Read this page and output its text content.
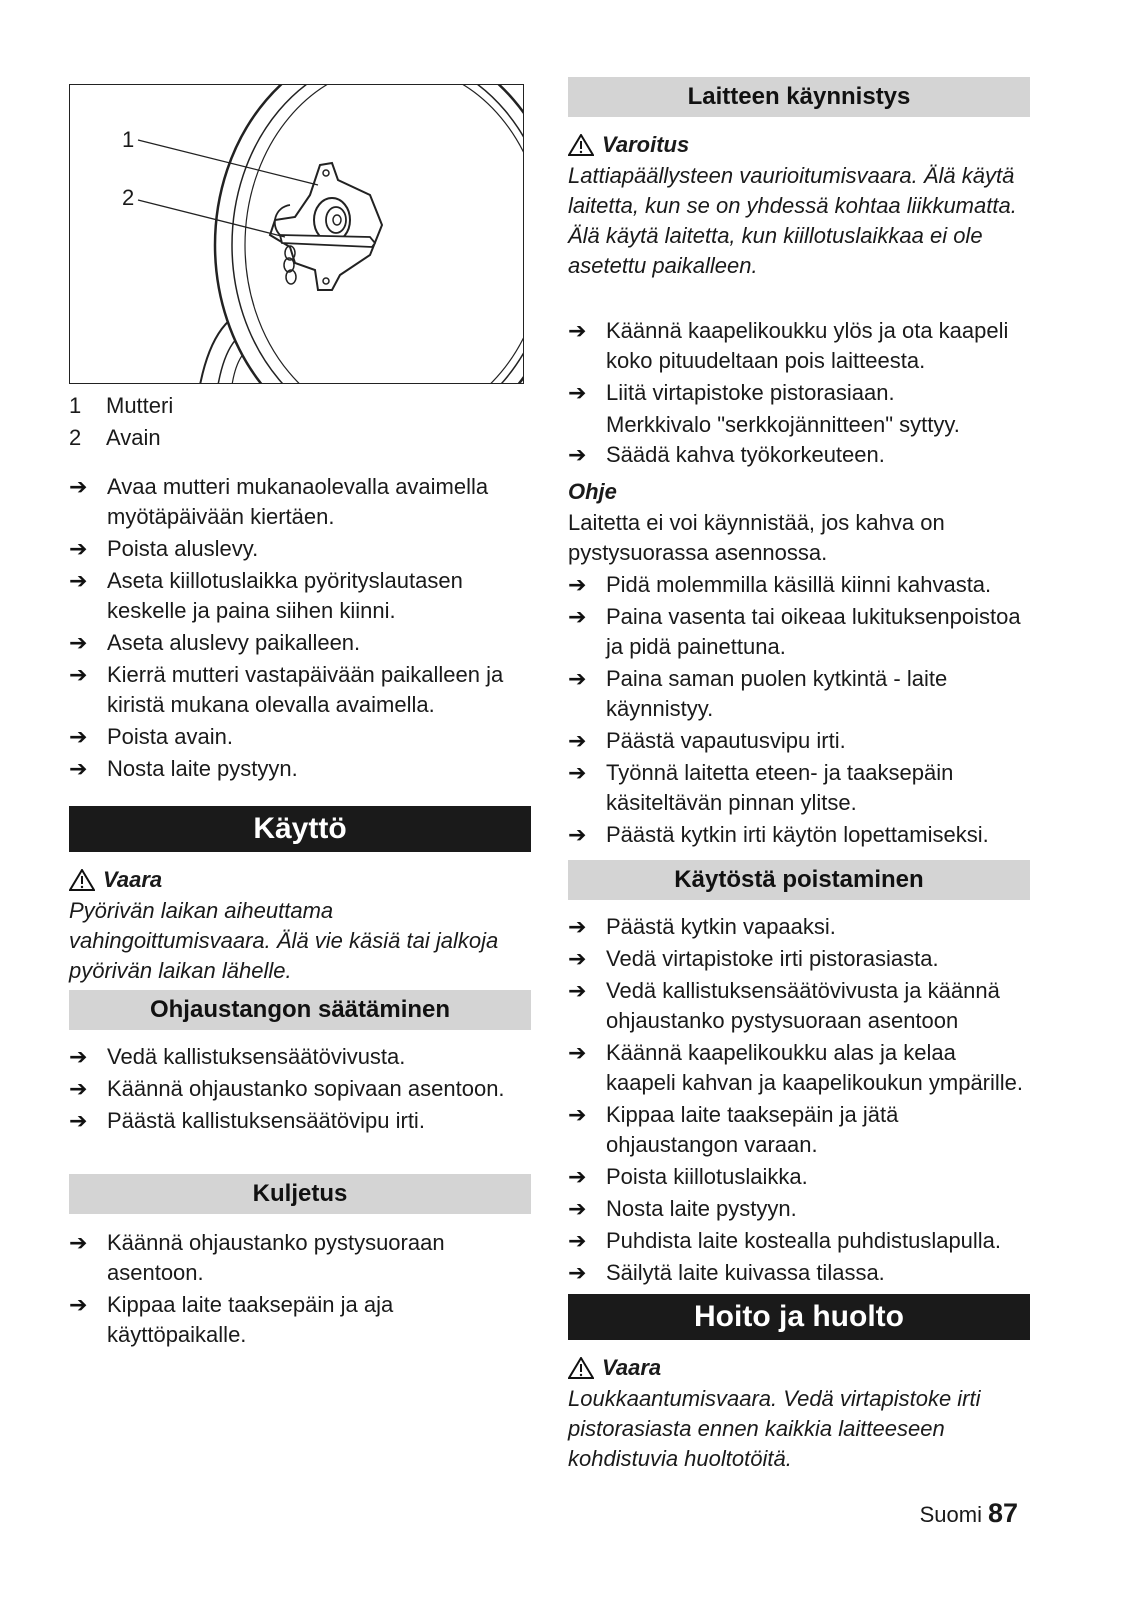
1
2
1 Mutteri
2 Avain
➔ Avaa mutteri mukanaolevalla avaimella myötäpäivään kiertäen.
➔ Poista aluslevy.
➔ Aseta kiillotuslaikka pyörityslautasen keskelle ja paina siihen kiinni.
➔ Aseta aluslevy paikalleen.
➔ Kierrä mutteri vastapäivään paikalleen ja kiristä mukana olevalla avaimella.
➔ Poista avain.
➔ Nosta laite pystyyn.
Käyttö
Vaara
Pyörivän laikan aiheuttama vahingoittumisvaara. Älä vie käsiä tai jalkoja pyörivän laikan lähelle.
Ohjaustangon säätäminen
➔ Vedä kallistuksensäätövivusta.
➔ Käännä ohjaustanko sopivaan asentoon.
➔ Päästä kallistuksensäätövipu irti.
Kuljetus
➔ Käännä ohjaustanko pystysuoraan asentoon.
➔ Kippaa laite taaksepäin ja aja käyttöpaikalle.
Laitteen käynnistys
Varoitus
Lattiapäällysteen vaurioitumisvaara. Älä käytä laitetta, kun se on yhdessä kohtaa liikkumatta.
Älä käytä laitetta, kun kiillotuslaikkaa ei ole asetettu paikalleen.
➔ Käännä kaapelikoukku ylös ja ota kaapeli koko pituudeltaan pois laitteesta.
➔ Liitä virtapistoke pistorasiaan.
Merkkivalo "serkkojännitteen" syttyy.
➔ Säädä kahva työkorkeuteen.
Ohje
Laitetta ei voi käynnistää, jos kahva on pystysuorassa asennossa.
➔ Pidä molemmilla käsillä kiinni kahvasta.
➔ Paina vasenta tai oikeaa lukituksenpoistoa ja pidä painettuna.
➔ Paina saman puolen kytkintä - laite käynnistyy.
➔ Päästä vapautusvipu irti.
➔ Työnnä laitetta eteen- ja taaksepäin käsiteltävän pinnan ylitse.
➔ Päästä kytkin irti käytön lopettamiseksi.
Käytöstä poistaminen
➔ Päästä kytkin vapaaksi.
➔ Vedä virtapistoke irti pistorasiasta.
➔ Vedä kallistuksensäätövivusta ja käännä ohjaustanko pystysuoraan asentoon
➔ Käännä kaapelikoukku alas ja kelaa kaapeli kahvan ja kaapelikoukun ympärille.
➔ Kippaa laite taaksepäin ja jätä ohjaustangon varaan.
➔ Poista kiillotuslaikka.
➔ Nosta laite pystyyn.
➔ Puhdista laite kostealla puhdistuslapulla.
➔ Säilytä laite kuivassa tilassa.
Hoito ja huolto
Vaara
Loukkaantumisvaara. Vedä virtapistoke irti pistorasiasta ennen kaikkia laitteeseen kohdistuvia huoltotöitä.
Suomi 87
